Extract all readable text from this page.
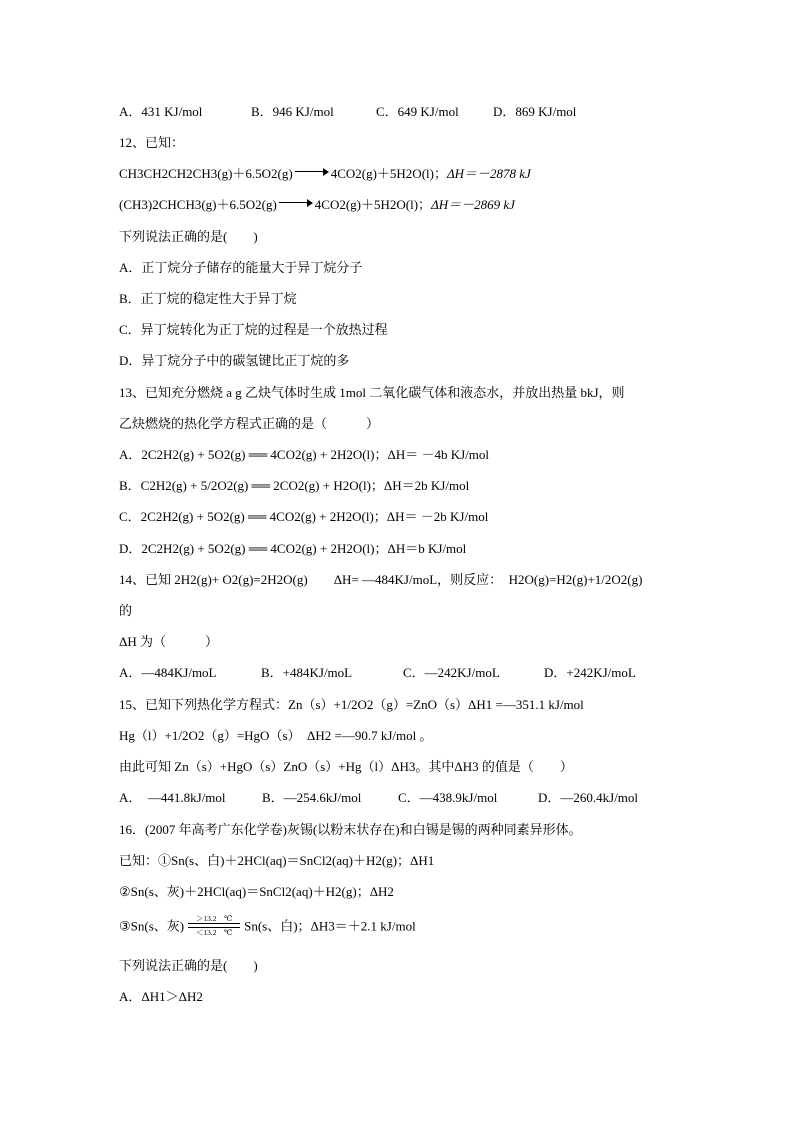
A．431 KJ/mol	B．946 KJ/mol	C．649 KJ/mol	D．869 KJ/mol
12、已知：
CH3CH2CH2CH3(g)＋6.5O2(g)	4CO2(g)＋5H2O(l)；ΔH＝－2878 kJ
(CH3)2CHCH3(g)＋6.5O2(g)	4CO2(g)＋5H2O(l)；ΔH＝－2869 kJ
下列说法正确的是(　　)
A．正丁烷分子储存的能量大于异丁烷分子
B．正丁烷的稳定性大于异丁烷
C．异丁烷转化为正丁烷的过程是一个放热过程
D．异丁烷分子中的碳氢键比正丁烷的多
13、已知充分燃烧 a g 乙炔气体时生成 1mol 二氧化碳气体和液态水，并放出热量 bkJ，则
乙炔燃烧的热化学方程式正确的是（　　　）
A．2C2H2(g) + 5O2(g) ══ 4CO2(g) + 2H2O(l)；ΔH＝ －4b KJ/mol
B．C2H2(g) + 5/2O2(g) ══ 2CO2(g) + H2O(l)；ΔH＝2b KJ/mol
C．2C2H2(g) + 5O2(g) ══ 4CO2(g) + 2H2O(l)；ΔH＝ －2b KJ/mol
D．2C2H2(g) + 5O2(g) ══ 4CO2(g) + 2H2O(l)；ΔH＝b KJ/mol
14、已知 2H2(g)+ O2(g)=2H2O(g)　　ΔH= —484KJ/moL，则反应：　H2O(g)=H2(g)+1/2O2(g)
的
ΔH 为（　　　）
A．—484KJ/moL	B．+484KJ/moL	C．—242KJ/moL	D．+242KJ/moL
15、已知下列热化学方程式：Zn（s）+1/2O2（g）=ZnO（s）ΔH1 =—351.1 kJ/mol
Hg（l）+1/2O2（g）=HgO（s）　ΔH2 =—90.7 kJ/mol 。
由此可知 Zn（s）+HgO（s）ZnO（s）+Hg（l）ΔH3。其中ΔH3 的值是（　　）
A．　—441.8kJ/mol	B．—254.6kJ/mol	C．—438.9kJ/mol	D．—260.4kJ/mol
16．(2007 年高考广东化学卷)灰锡(以粉末状存在)和白锡是锡的两种同素异形体。
已知：①Sn(s、白)＋2HCl(aq)＝SnCl2(aq)＋H2(g)；ΔH1
②Sn(s、灰)＋2HCl(aq)＝SnCl2(aq)＋H2(g)；ΔH2
③Sn(s、灰) ＞13.2　℃
＜13.2　℃ Sn(s、白)；ΔH3＝＋2.1 kJ/mol
下列说法正确的是(　　)
A．ΔH1＞ΔH2
